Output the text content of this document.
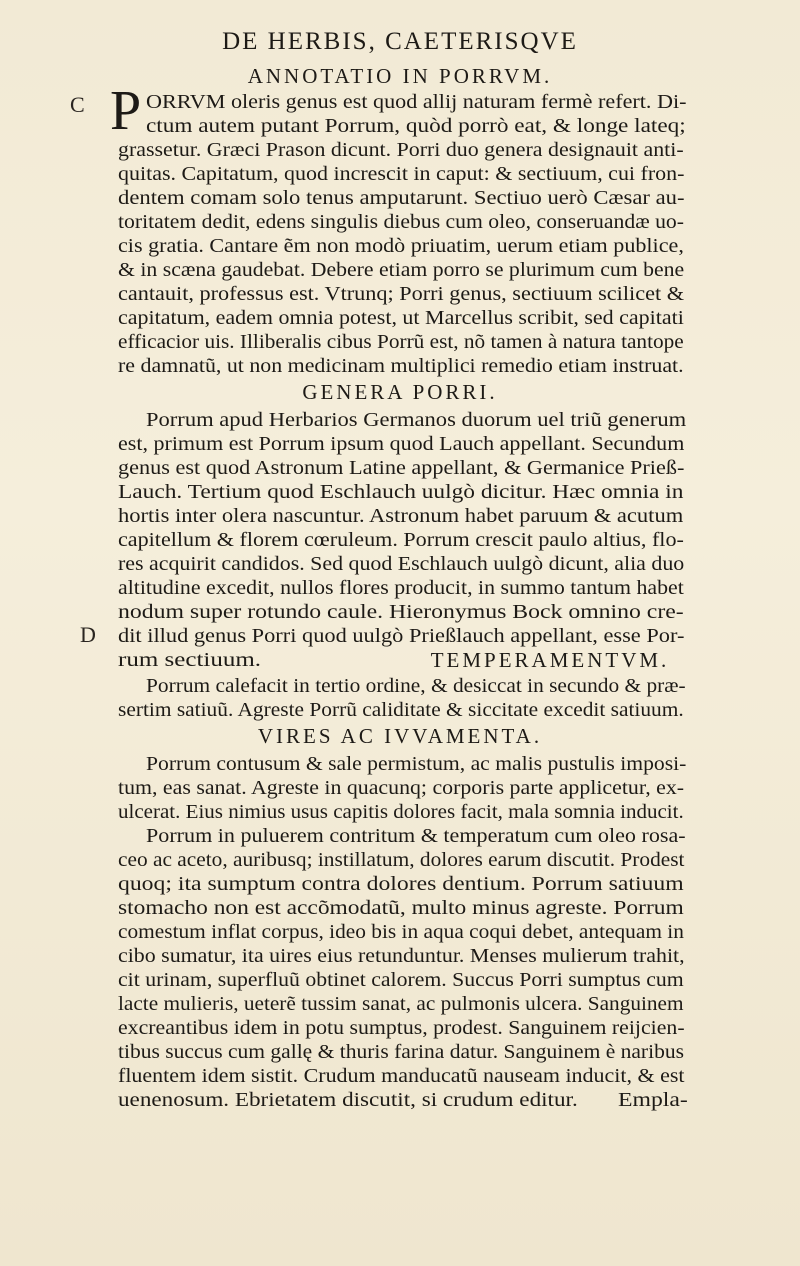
DE HERBIS, CAETERISQVE
C
D
ANNOTATIO IN PORRVM.
P ORRVM oleris genus est quod allij naturam fermè refert. Di-
ctum autem putant Porrum, quòd porrò eat, & longe lateq;
grassetur. Græci Prason dicunt. Porri duo genera designauit anti-
quitas. Capitatum, quod increscit in caput: & sectiuum, cui fron-
dentem comam solo tenus amputarunt. Sectiuo uerò Cæsar au-
toritatem dedit, edens singulis diebus cum oleo, conseruandæ uo-
cis gratia. Cantare ẽm non modò priuatim, uerum etiam publice,
& in scæna gaudebat. Debere etiam porro se plurimum cum bene
cantauit, professus est. Vtrunq; Porri genus, sectiuum scilicet &
capitatum, eadem omnia potest, ut Marcellus scribit, sed capitati
efficacior uis. Illiberalis cibus Porrũ est, nõ tamen à natura tantope
re damnatũ, ut non medicinam multiplici remedio etiam instruat.
GENERA PORRI.
Porrum apud Herbarios Germanos duorum uel triũ generum
est, primum est Porrum ipsum quod Lauch appellant. Secundum
genus est quod Astronum Latine appellant, & Germanice Prieß-
Lauch. Tertium quod Eschlauch uulgò dicitur. Hæc omnia in
hortis inter olera nascuntur. Astronum habet paruum & acutum
capitellum & florem cœruleum. Porrum crescit paulo altius, flo-
res acquirit candidos. Sed quod Eschlauch uulgò dicunt, alia duo
altitudine excedit, nullos flores producit, in summo tantum habet
nodum super rotundo caule. Hieronymus Bock omnino cre-
dit illud genus Porri quod uulgò Prießlauch appellant, esse Por-
rum sectiuum.	TEMPERAMENTVM.
Porrum calefacit in tertio ordine, & desiccat in secundo & præ-
sertim satiuũ. Agreste Porrũ caliditate & siccitate excedit satiuum.
VIRES AC IVVAMENTA.
Porrum contusum & sale permistum, ac malis pustulis imposi-
tum, eas sanat. Agreste in quacunq; corporis parte applicetur, ex-
ulcerat. Eius nimius usus capitis dolores facit, mala somnia inducit.
Porrum in puluerem contritum & temperatum cum oleo rosa-
ceo ac aceto, auribusq; instillatum, dolores earum discutit. Prodest
quoq; ita sumptum contra dolores dentium. Porrum satiuum
stomacho non est accõmodatũ, multo minus agreste. Porrum
comestum inflat corpus, ideo bis in aqua coqui debet, antequam in
cibo sumatur, ita uires eius retunduntur. Menses mulierum trahit,
cit urinam, superfluũ obtinet calorem. Succus Porri sumptus cum
lacte mulieris, ueterẽ tussim sanat, ac pulmonis ulcera. Sanguinem
excreantibus idem in potu sumptus, prodest. Sanguinem reijcien-
tibus succus cum gallę & thuris farina datur. Sanguinem è naribus
fluentem idem sistit. Crudum manducatũ nauseam inducit, & est
uenenosum. Ebrietatem discutit, si crudum editur. Empla-
